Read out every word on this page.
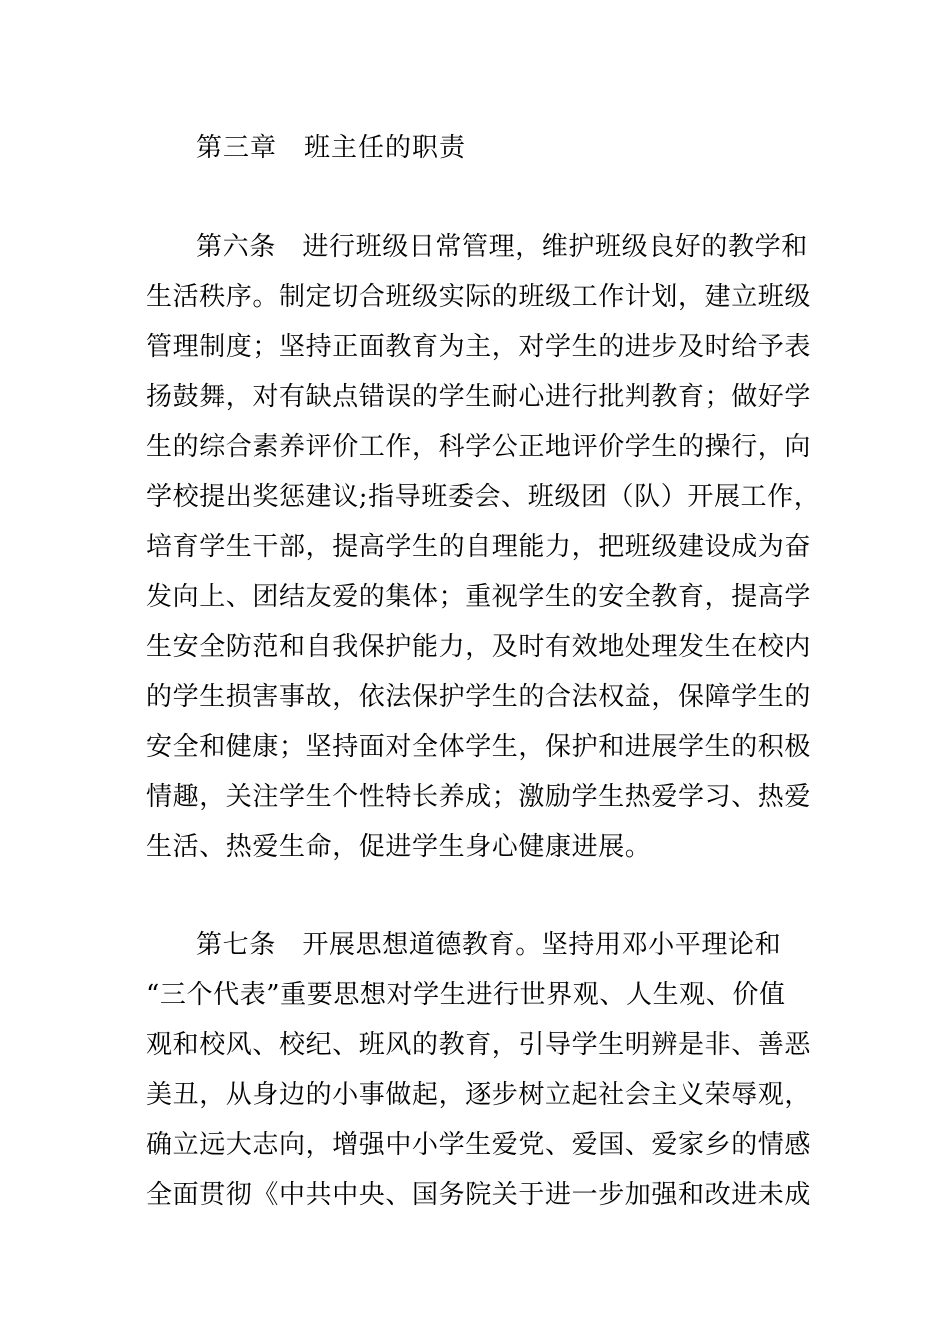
第三章　班主任的职责
第六条　进行班级日常管理，维护班级良好的教学和
生活秩序。制定切合班级实际的班级工作计划，建立班级
管理制度；坚持正面教育为主，对学生的进步及时给予表
扬鼓舞，对有缺点错误的学生耐心进行批判教育；做好学
生的综合素养评价工作，科学公正地评价学生的操行，向
学校提出奖惩建议;指导班委会、班级团（队）开展工作，
培育学生干部，提高学生的自理能力，把班级建设成为奋
发向上、团结友爱的集体；重视学生的安全教育，提高学
生安全防范和自我保护能力，及时有效地处理发生在校内
的学生损害事故，依法保护学生的合法权益，保障学生的
安全和健康；坚持面对全体学生，保护和进展学生的积极
情趣，关注学生个性特长养成；激励学生热爱学习、热爱
生活、热爱生命，促进学生身心健康进展。
第七条　开展思想道德教育。坚持用邓小平理论和
“三个代表”重要思想对学生进行世界观、人生观、价值
观和校风、校纪、班风的教育，引导学生明辨是非、善恶
美丑，从身边的小事做起，逐步树立起社会主义荣辱观，
确立远大志向，增强中小学生爱党、爱国、爱家乡的情感
全面贯彻《中共中央、国务院关于进一步加强和改进未成
